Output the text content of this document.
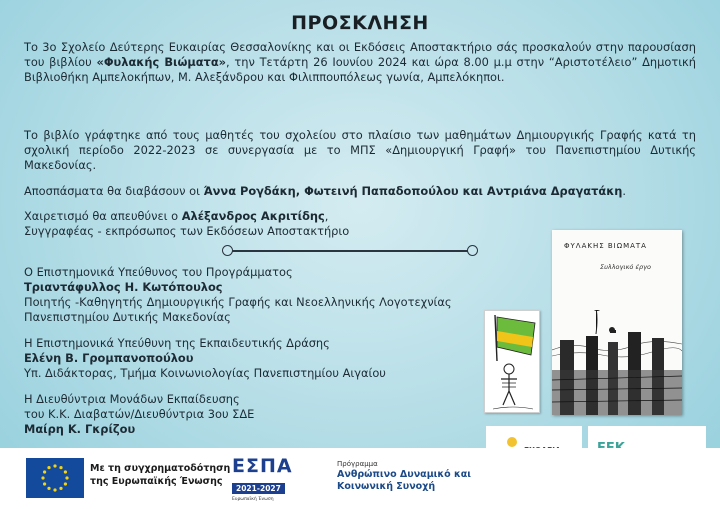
ΠΡΟΣΚΛΗΣΗ
Το 3ο Σχολείο Δεύτερης Ευκαιρίας Θεσσαλονίκης και οι Εκδόσεις Αποστακτήριο σάς προσκαλούν στην παρουσίαση του βιβλίου «Φυλακής Βιώματα», την Τετάρτη 26 Ιουνίου 2024 και ώρα 8.00 μ.μ στην “Αριστοτέλειο” Δημοτική Βιβλιοθήκη Αμπελοκήπων, Μ. Αλεξάνδρου και Φιλιππουπόλεως γωνία, Αμπελόκηποι.
Το βιβλίο γράφτηκε από τους μαθητές του σχολείου στο πλαίσιο των μαθημάτων Δημιουργικής Γραφής κατά τη σχολική περίοδο 2022-2023 σε συνεργασία με το ΜΠΣ «Δημιουργική Γραφή» του Πανεπιστημίου Δυτικής Μακεδονίας.
Αποσπάσματα θα διαβάσουν οι Άννα Ρογδάκη, Φωτεινή Παπαδοπούλου και Αντριάνα Δραγατάκη.
Χαιρετισμό θα απευθύνει ο Αλέξανδρος Ακριτίδης,
Συγγραφέας - εκπρόσωπος των Εκδόσεων Αποστακτήριο
Ο Επιστημονικά Υπεύθυνος του Προγράμματος
Τριαντάφυλλος Η. Κωτόπουλος
Ποιητής -Καθηγητής Δημιουργικής Γραφής και Νεοελληνικής Λογοτεχνίας Πανεπιστημίου Δυτικής Μακεδονίας
Η Επιστημονικά Υπεύθυνη της Εκπαιδευτικής Δράσης
Ελένη Β. Γρομπανοπούλου
Υπ. Διδάκτορας, Τμήμα Κοινωνιολογίας Πανεπιστημίου Αιγαίου
Η Διευθύντρια Μονάδων Εκπαίδευσης
του Κ.Κ. Διαβατών/Διευθύντρια 3ου ΣΔΕ
Μαίρη Κ. Γκρίζου
ΦΥΛΑΚΗΣ ΒΙΩΜΑΤΑ
Συλλογικό έργο
Με τη συγχρηματοδότηση
της Ευρωπαϊκής Ένωσης
ΕΣΠΑ
2021-2027
Ευρωπαϊκή Ένωση
Πρόγραμμα
Ανθρώπινο Δυναμικό και
Κοινωνική Συνοχή
